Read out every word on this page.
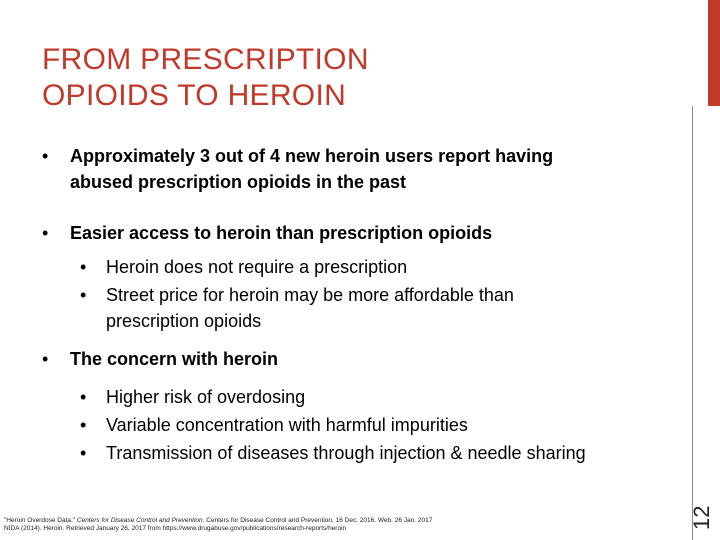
FROM PRESCRIPTION
OPIOIDS TO HEROIN
12
• Approximately 3 out of 4 new heroin users report having
abused prescription opioids in the past
• Easier access to heroin than prescription opioids
• Heroin does not require a prescription
• Street price for heroin may be more affordable than
prescription opioids
• The concern with heroin
• Higher risk of overdosing
• Variable concentration with harmful impurities
• Transmission of diseases through injection & needle sharing
"Heroin Overdose Data." Centers for Disease Control and Prevention. Centers for Disease Control and Prevention, 16 Dec. 2016. Web. 26 Jan. 2017
NIDA (2014). Heroin. Retrieved January 26, 2017 from https://www.drugabuse.gov/publications/research-reports/heroin
